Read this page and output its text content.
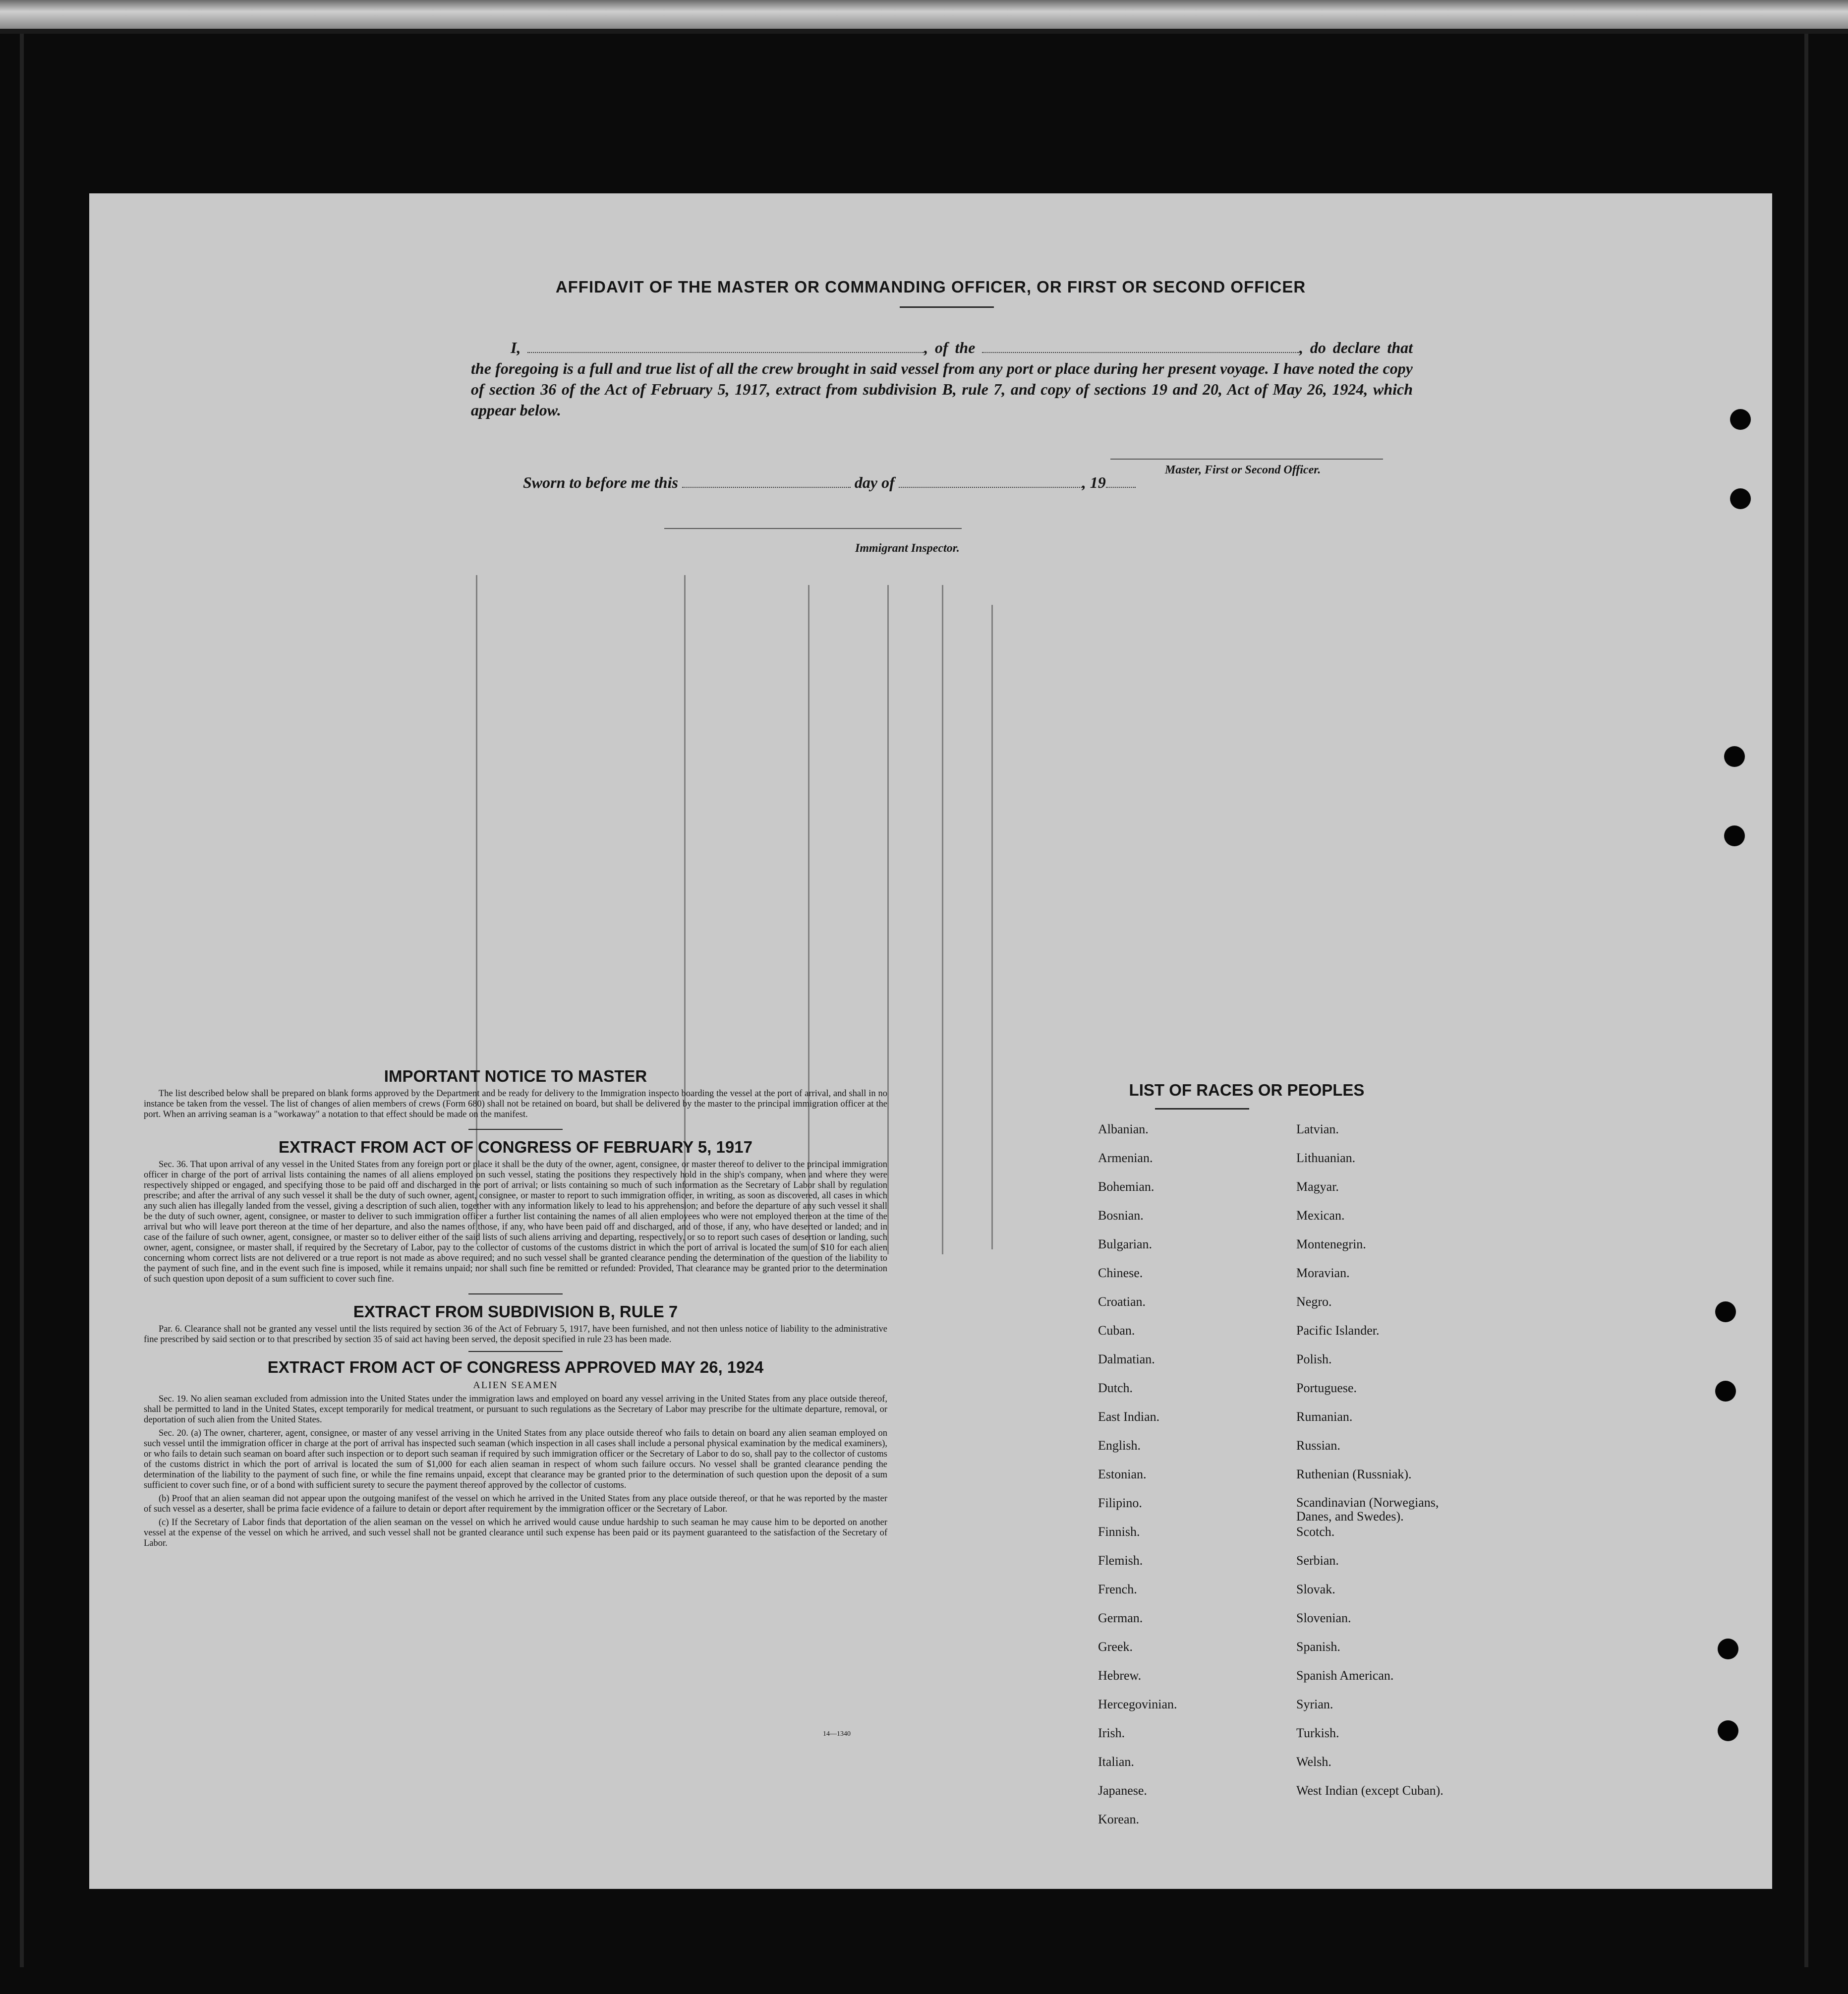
AFFIDAVIT OF THE MASTER OR COMMANDING OFFICER, OR FIRST OR SECOND OFFICER
I,	, of the	, do declare that the foregoing is a full and true list of all the crew brought in said vessel from any port or place during her present voyage. I have noted the copy of section 36 of the Act of February 5, 1917, extract from subdivision B, rule 7, and copy of sections 19 and 20, Act of May 26, 1924, which appear below.
Master, First or Second Officer.
Sworn to before me this	day of	, 19
Immigrant Inspector.
IMPORTANT NOTICE TO MASTER

The list described below shall be prepared on blank forms approved by the Department and be ready for delivery to the Immigration inspecto boarding the vessel at the port of arrival, and shall in no instance be taken from the vessel. The list of changes of alien members of crews (Form 680) shall not be retained on board, but shall be delivered by the master to the principal immigration officer at the port. When an arriving seaman is a "workaway" a notation to that effect should be made on the manifest.

EXTRACT FROM ACT OF CONGRESS OF FEBRUARY 5, 1917

Sec. 36. That upon arrival of any vessel in the United States from any foreign port or place it shall be the duty of the owner, agent, consignee, or master thereof to deliver to the principal immigration officer in charge of the port of arrival lists containing the names of all aliens employed on such vessel, stating the positions they respectively hold in the ship's company, when and where they were respectively shipped or engaged, and specifying those to be paid off and discharged in the port of arrival; or lists containing so much of such information as the Secretary of Labor shall by regulation prescribe; and after the arrival of any such vessel it shall be the duty of such owner, agent, consignee, or master to report to such immigration officer, in writing, as soon as discovered, all cases in which any such alien has illegally landed from the vessel, giving a description of such alien, together with any information likely to lead to his apprehension; and before the departure of any such vessel it shall be the duty of such owner, agent, consignee, or master to deliver to such immigration officer a further list containing the names of all alien employees who were not employed thereon at the time of the arrival but who will leave port thereon at the time of her departure, and also the names of those, if any, who have been paid off and discharged, and of those, if any, who have deserted or landed; and in case of the failure of such owner, agent, consignee, or master so to deliver either of the said lists of such aliens arriving and departing, respectively, or so to report such cases of desertion or landing, such owner, agent, consignee, or master shall, if required by the Secretary of Labor, pay to the collector of customs of the customs district in which the port of arrival is located the sum of $10 for each alien concerning whom correct lists are not delivered or a true report is not made as above required; and no such vessel shall be granted clearance pending the determination of the question of the liability to the payment of such fine, and in the event such fine is imposed, while it remains unpaid; nor shall such fine be remitted or refunded: Provided, That clearance may be granted prior to the determination of such question upon deposit of a sum sufficient to cover such fine.

EXTRACT FROM SUBDIVISION B, RULE 7

Par. 6. Clearance shall not be granted any vessel until the lists required by section 36 of the Act of February 5, 1917, have been furnished, and not then unless notice of liability to the administrative fine prescribed by said section or to that prescribed by section 35 of said act having been served, the deposit specified in rule 23 has been made.

EXTRACT FROM ACT OF CONGRESS APPROVED MAY 26, 1924
ALIEN SEAMEN

Sec. 19. No alien seaman excluded from admission into the United States under the immigration laws and employed on board any vessel arriving in the United States from any place outside thereof, shall be permitted to land in the United States, except temporarily for medical treatment, or pursuant to such regulations as the Secretary of Labor may prescribe for the ultimate departure, removal, or deportation of such alien from the United States.

Sec. 20. (a) The owner, charterer, agent, consignee, or master of any vessel arriving in the United States from any place outside thereof who fails to detain on board any alien seaman employed on such vessel until the immigration officer in charge at the port of arrival has inspected such seaman (which inspection in all cases shall include a personal physical examination by the medical examiners), or who fails to detain such seaman on board after such inspection or to deport such seaman if required by such immigration officer or the Secretary of Labor to do so, shall pay to the collector of customs of the customs district in which the port of arrival is located the sum of $1,000 for each alien seaman in respect of whom such failure occurs. No vessel shall be granted clearance pending the determination of the liability to the payment of such fine, or while the fine remains unpaid, except that clearance may be granted prior to the determination of such question upon the deposit of a sum sufficient to cover such fine, or of a bond with sufficient surety to secure the payment thereof approved by the collector of customs.

(b) Proof that an alien seaman did not appear upon the outgoing manifest of the vessel on which he arrived in the United States from any place outside thereof, or that he was reported by the master of such vessel as a deserter, shall be prima facie evidence of a failure to detain or deport after requirement by the immigration officer or the Secretary of Labor.

(c) If the Secretary of Labor finds that deportation of the alien seaman on the vessel on which he arrived would cause undue hardship to such seaman he may cause him to be deported on another vessel at the expense of the vessel on which he arrived, and such vessel shall not be granted clearance until such expense has been paid or its payment guaranteed to the satisfaction of the Secretary of Labor.

14—1340
LIST OF RACES OR PEOPLES
Albanian.
Armenian.
Bohemian.
Bosnian.
Bulgarian.
Chinese.
Croatian.
Cuban.
Dalmatian.
Dutch.
East Indian.
English.
Estonian.
Filipino.
Finnish.
Flemish.
French.
German.
Greek.
Hebrew.
Hercegovinian.
Irish.
Italian.
Japanese.
Korean.
Latvian.
Lithuanian.
Magyar.
Mexican.
Montenegrin.
Moravian.
Negro.
Pacific Islander.
Polish.
Portuguese.
Rumanian.
Russian.
Ruthenian (Russniak).
Scandinavian (Norwegians, Danes, and Swedes).
Scotch.
Serbian.
Slovak.
Slovenian.
Spanish.
Spanish American.
Syrian.
Turkish.
Welsh.
West Indian (except Cuban).
